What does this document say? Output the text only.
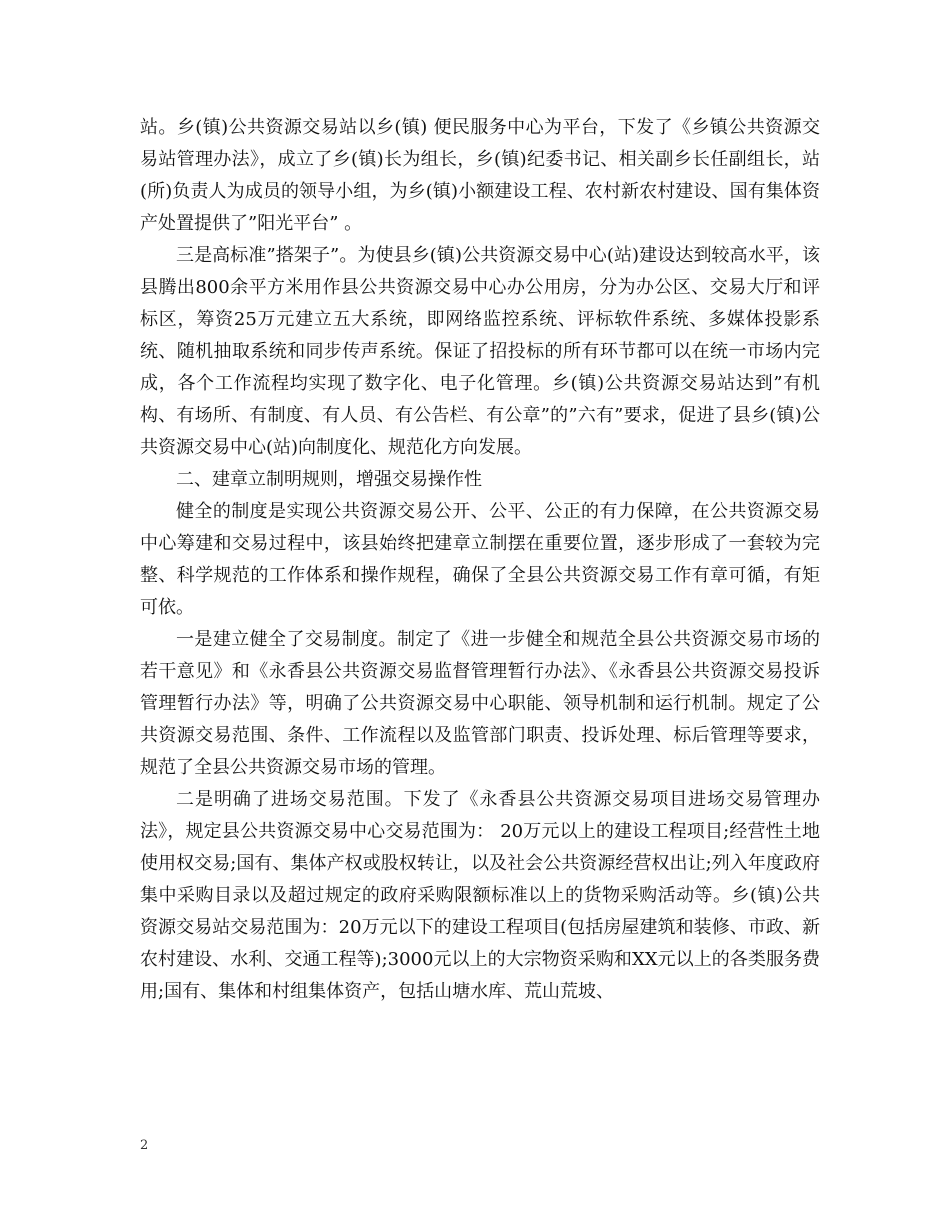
站。乡(镇)公共资源交易站以乡(镇) 便民服务中心为平台，下发了《乡镇公共资源交易站管理办法》，成立了乡(镇)长为组长，乡(镇)纪委书记、相关副乡长任副组长，站(所)负责人为成员的领导小组，为乡(镇)小额建设工程、农村新农村建设、国有集体资产处置提供了”阳光平台” 。

三是高标准”搭架子”。为使县乡(镇)公共资源交易中心(站)建设达到较高水平，该县腾出800余平方米用作县公共资源交易中心办公用房，分为办公区、交易大厅和评标区，筹资25万元建立五大系统，即网络监控系统、评标软件系统、多媒体投影系统、随机抽取系统和同步传声系统。保证了招投标的所有环节都可以在统一市场内完成，各个工作流程均实现了数字化、电子化管理。乡(镇)公共资源交易站达到”有机构、有场所、有制度、有人员、有公告栏、有公章”的”六有”要求，促进了县乡(镇)公共资源交易中心(站)向制度化、规范化方向发展。

二、建章立制明规则，增强交易操作性

健全的制度是实现公共资源交易公开、公平、公正的有力保障，在公共资源交易中心筹建和交易过程中，该县始终把建章立制摆在重要位置，逐步形成了一套较为完整、科学规范的工作体系和操作规程，确保了全县公共资源交易工作有章可循，有矩可依。

一是建立健全了交易制度。制定了《进一步健全和规范全县公共资源交易市场的若干意见》和《永香县公共资源交易监督管理暂行办法》、《永香县公共资源交易投诉管理暂行办法》等，明确了公共资源交易中心职能、领导机制和运行机制。规定了公共资源交易范围、条件、工作流程以及监管部门职责、投诉处理、标后管理等要求，规范了全县公共资源交易市场的管理。

二是明确了进场交易范围。下发了《永香县公共资源交易项目进场交易管理办法》，规定县公共资源交易中心交易范围为： 20万元以上的建设工程项目;经营性土地使用权交易;国有、集体产权或股权转让，以及社会公共资源经营权出让;列入年度政府集中采购目录以及超过规定的政府采购限额标准以上的货物采购活动等。乡(镇)公共资源交易站交易范围为：20万元以下的建设工程项目(包括房屋建筑和装修、市政、新农村建设、水利、交通工程等);3000元以上的大宗物资采购和XX元以上的各类服务费用;国有、集体和村组集体资产，包括山塘水库、荒山荒坡、

2
